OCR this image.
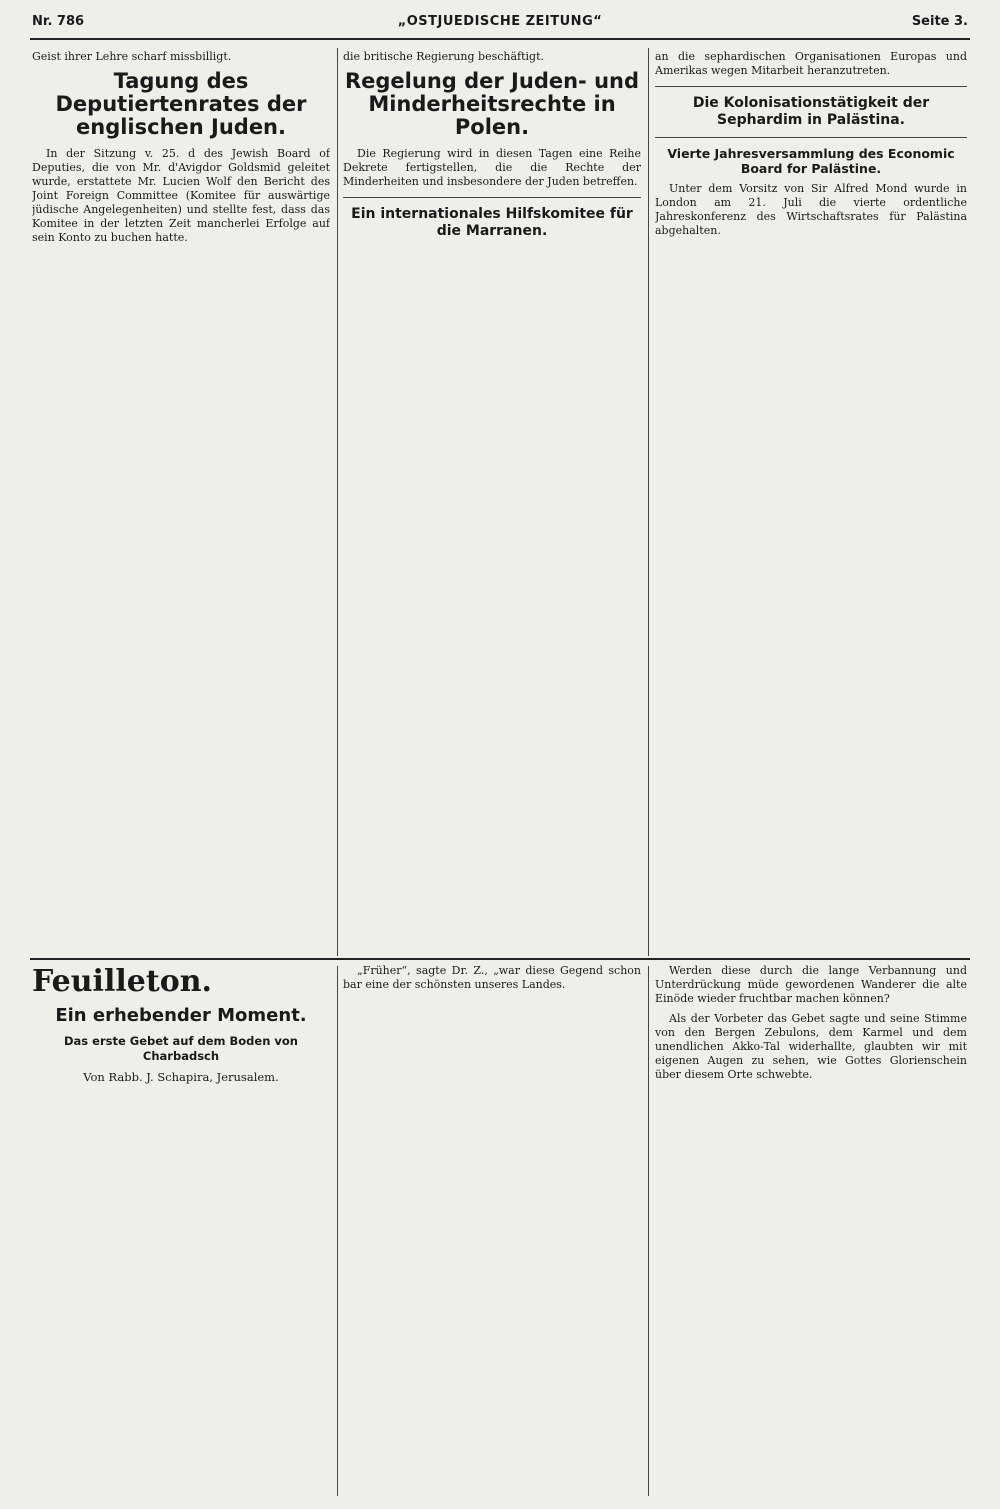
Nr. 786	„OSTJUEDISCHE ZEITUNG“	Seite 3.

Geist ihrer Lehre scharf missbilligt.

Tagung des Deputiertenrates der englischen Juden.

In der Sitzung v. 25. d des Jewish Board of Deputies, die von Mr. d'Avigdor Goldsmid geleitet wurde, erstattete Mr. Lucien Wolf den Bericht des Joint Foreign Committee (Komitee für auswärtige jüdische Angelegenheiten) und stellte fest, dass das Komitee in der letzten Zeit mancherlei Erfolge auf sein Konto zu buchen hatte.

die britische Regierung beschäftigt.

Regelung der Juden- und Minderheitsrechte in Polen.

Die Regierung wird in diesen Tagen eine Reihe Dekrete fertigstellen, die die Rechte der Minderheiten und insbesondere der Juden betreffen.

Ein internationales Hilfskomitee für die Marranen.

an die sephardischen Organisationen Europas und Amerikas wegen Mitarbeit heranzutreten.

Die Kolonisationstätigkeit der Sephardim in Palästina.
Vierte Jahresversammlung des Economic Board for Palästine.

Unter dem Vorsitz von Sir Alfred Mond wurde in London am 21. Juli die vierte ordentliche Jahreskonferenz des Wirtschaftsrates für Palästina abgehalten.

Feuilleton.
Ein erhebender Moment.
Das erste Gebet auf dem Boden von Charbadsch
Von Rabb. J. Schapira, Jerusalem.

„Früher“, sagte Dr. Z., „war diese Gegend schon bar eine der schönsten unseres Landes.

Werden diese durch die lange Verbannung und Unterdrückung müde gewordenen Wanderer die alte Einöde wieder fruchtbar machen können?

Als der Vorbeter das Gebet sagte und seine Stimme von den Bergen Zebulons, dem Karmel und dem unendlichen Akko-Tal widerhallte, glaubten wir mit eigenen Augen zu sehen, wie Gottes Glorienschein über diesem Orte schwebte.
